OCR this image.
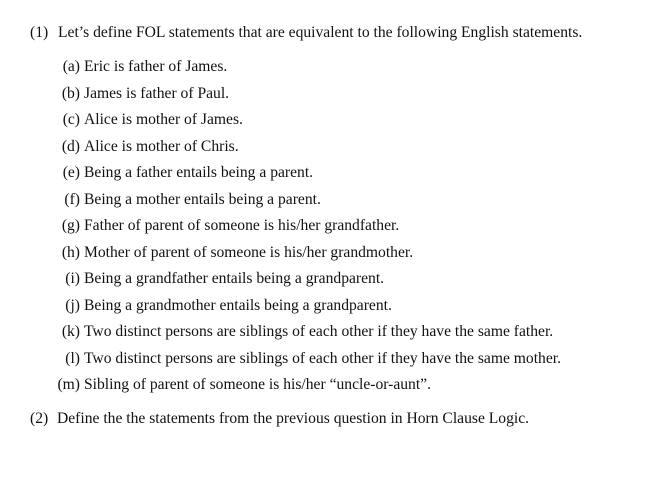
(1) Let’s define FOL statements that are equivalent to the following English statements.
(a) Eric is father of James.
(b) James is father of Paul.
(c) Alice is mother of James.
(d) Alice is mother of Chris.
(e) Being a father entails being a parent.
(f) Being a mother entails being a parent.
(g) Father of parent of someone is his/her grandfather.
(h) Mother of parent of someone is his/her grandmother.
(i) Being a grandfather entails being a grandparent.
(j) Being a grandmother entails being a grandparent.
(k) Two distinct persons are siblings of each other if they have the same father.
(l) Two distinct persons are siblings of each other if they have the same mother.
(m) Sibling of parent of someone is his/her “uncle-or-aunt”.
(2) Define the the statements from the previous question in Horn Clause Logic.
